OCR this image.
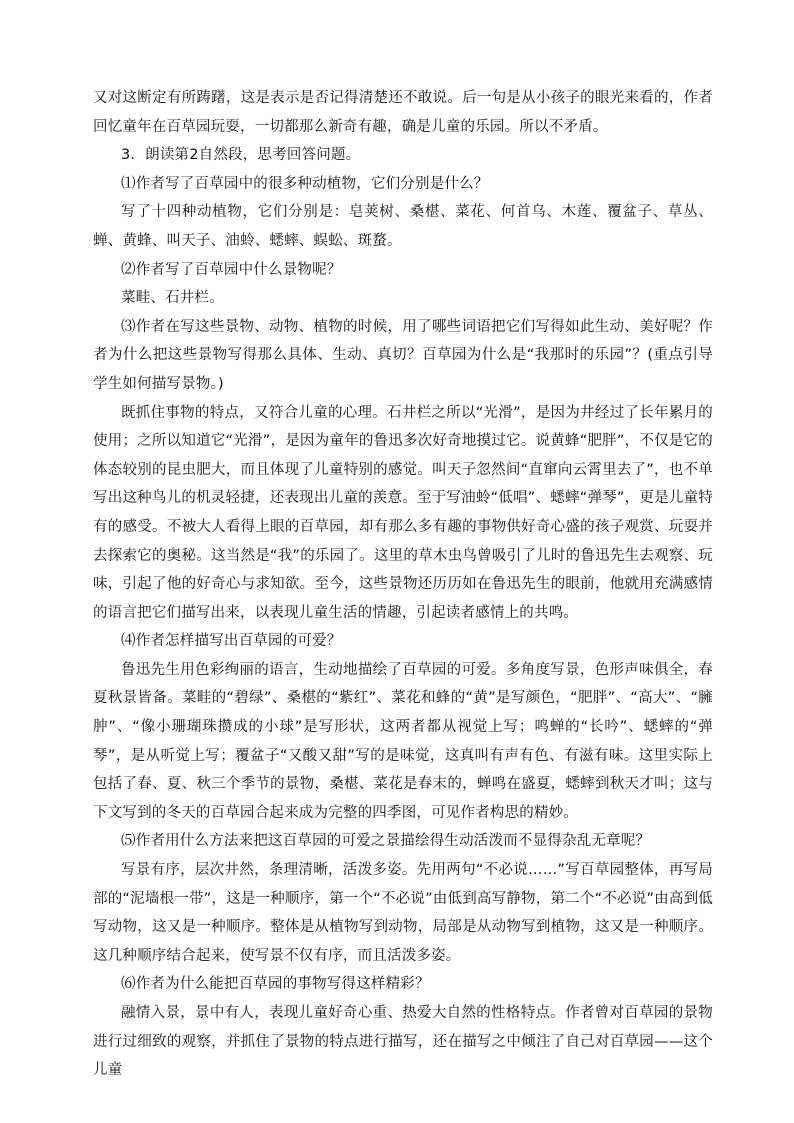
又对这断定有所踌躇，这是表示是否记得清楚还不敢说。后一句是从小孩子的眼光来看的，作者回忆童年在百草园玩耍，一切都那么新奇有趣，确是儿童的乐园。所以不矛盾。

3．朗读第2自然段，思考回答问题。

⑴作者写了百草园中的很多种动植物，它们分别是什么？

写了十四种动植物，它们分别是：皂荚树、桑椹、菜花、何首乌、木莲、覆盆子、草丛、蝉、黄蜂、叫天子、油蛉、蟋蟀、蜈蚣、斑蝥。

⑵作者写了百草园中什么景物呢？

菜畦、石井栏。

⑶作者在写这些景物、动物、植物的时候，用了哪些词语把它们写得如此生动、美好呢？作者为什么把这些景物写得那么具体、生动、真切？百草园为什么是“我那时的乐园”？(重点引导学生如何描写景物。)

既抓住事物的特点，又符合儿童的心理。石井栏之所以“光滑”，是因为井经过了长年累月的使用；之所以知道它“光滑”，是因为童年的鲁迅多次好奇地摸过它。说黄蜂“肥胖”，不仅是它的体态较别的昆虫肥大，而且体现了儿童特别的感觉。叫天子忽然间“直窜向云霄里去了”，也不单写出这种鸟儿的机灵轻捷，还表现出儿童的羡意。至于写油蛉“低唱”、蟋蟀“弹琴”，更是儿童特有的感受。不被大人看得上眼的百草园，却有那么多有趣的事物供好奇心盛的孩子观赏、玩耍并去探索它的奥秘。这当然是“我”的乐园了。这里的草木虫鸟曾吸引了儿时的鲁迅先生去观察、玩味，引起了他的好奇心与求知欲。至今，这些景物还历历如在鲁迅先生的眼前，他就用充满感情的语言把它们描写出来，以表现儿童生活的情趣，引起读者感情上的共鸣。

⑷作者怎样描写出百草园的可爱？

鲁迅先生用色彩绚丽的语言，生动地描绘了百草园的可爱。多角度写景，色形声味俱全，春夏秋景皆备。菜畦的“碧绿”、桑椹的“紫红”、菜花和蜂的“黄”是写颜色，“肥胖”、“高大”、“臃肿”、“像小珊瑚珠攒成的小球”是写形状，这两者都从视觉上写；鸣蝉的“长吟”、蟋蟀的“弹琴”，是从听觉上写；覆盆子“又酸又甜”写的是味觉，这真叫有声有色、有滋有味。这里实际上包括了春、夏、秋三个季节的景物，桑椹、菜花是春末的，蝉鸣在盛夏，蟋蟀到秋天才叫；这与下文写到的冬天的百草园合起来成为完整的四季图，可见作者构思的精妙。

⑸作者用什么方法来把这百草园的可爱之景描绘得生动活泼而不显得杂乱无章呢？

写景有序，层次井然，条理清晰，活泼多姿。先用两句“不必说……”写百草园整体，再写局部的“泥墙根一带”，这是一种顺序，第一个“不必说”由低到高写静物，第二个“不必说”由高到低写动物，这又是一种顺序。整体是从植物写到动物，局部是从动物写到植物，这又是一种顺序。这几种顺序结合起来，使写景不仅有序，而且活泼多姿。

⑹作者为什么能把百草园的事物写得这样精彩？

融情入景，景中有人，表现儿童好奇心重、热爱大自然的性格特点。作者曾对百草园的景物进行过细致的观察，并抓住了景物的特点进行描写，还在描写之中倾注了自己对百草园——这个儿童
